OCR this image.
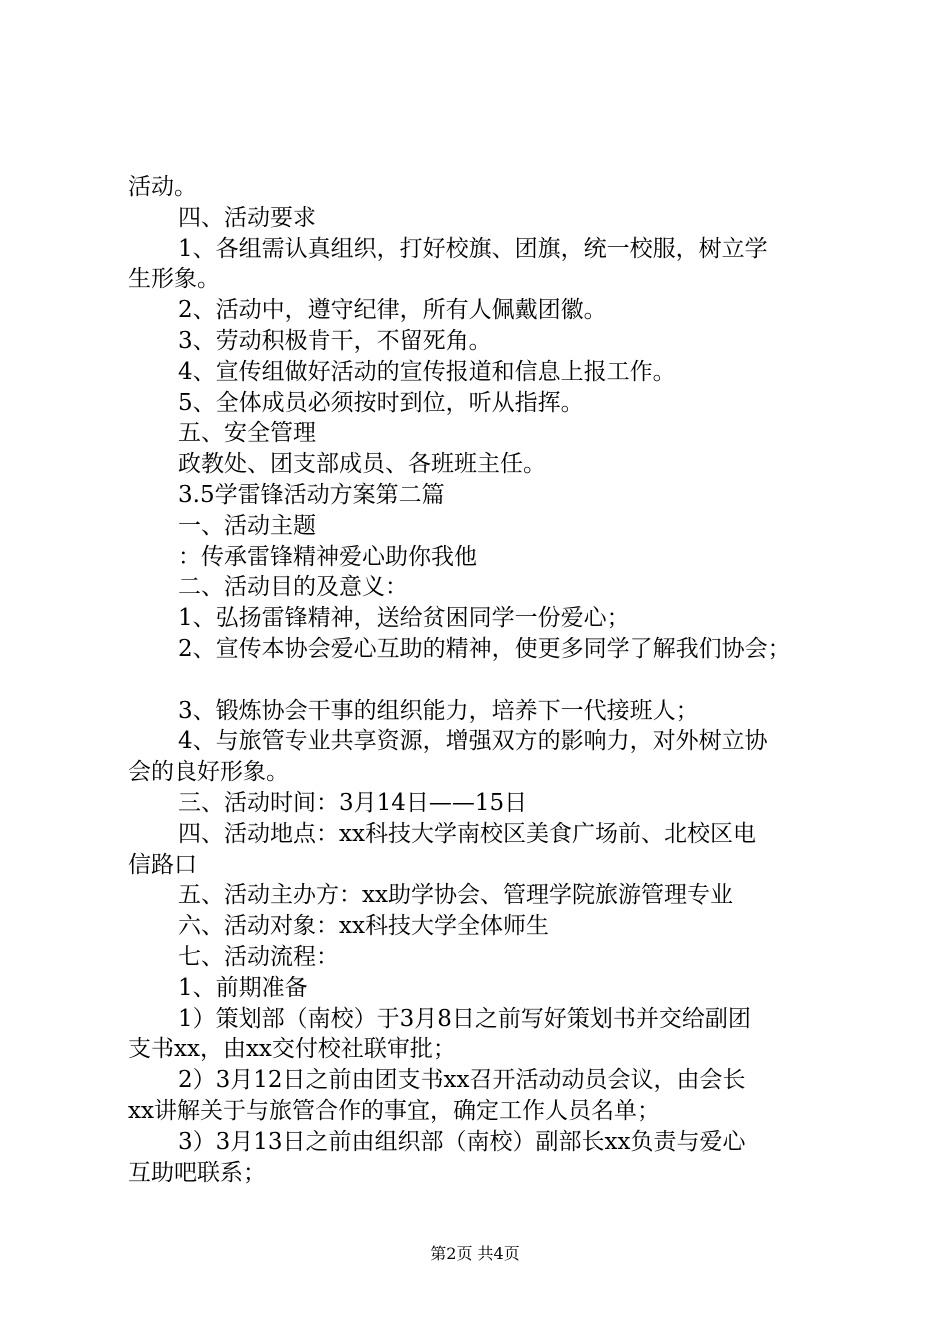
活动。
四、活动要求
1、各组需认真组织，打好校旗、团旗，统一校服，树立学
生形象。
2、活动中，遵守纪律，所有人佩戴团徽。
3、劳动积极肯干，不留死角。
4、宣传组做好活动的宣传报道和信息上报工作。
5、全体成员必须按时到位，听从指挥。
五、安全管理
政教处、团支部成员、各班班主任。
3.5学雷锋活动方案第二篇
一、活动主题
：传承雷锋精神爱心助你我他
二、活动目的及意义：
1、弘扬雷锋精神，送给贫困同学一份爱心；
2、宣传本协会爱心互助的精神，使更多同学了解我们协会；
3、锻炼协会干事的组织能力，培养下一代接班人；
4、与旅管专业共享资源，增强双方的影响力，对外树立协
会的良好形象。
三、活动时间：3月14日——15日
四、活动地点：xx科技大学南校区美食广场前、北校区电
信路口
五、活动主办方：xx助学协会、管理学院旅游管理专业
六、活动对象：xx科技大学全体师生
七、活动流程：
1、前期准备
1）策划部（南校）于3月8日之前写好策划书并交给副团
支书xx，由xx交付校社联审批；
2）3月12日之前由团支书xx召开活动动员会议，由会长
xx讲解关于与旅管合作的事宜，确定工作人员名单；
3）3月13日之前由组织部（南校）副部长xx负责与爱心
互助吧联系；
第2页 共4页
